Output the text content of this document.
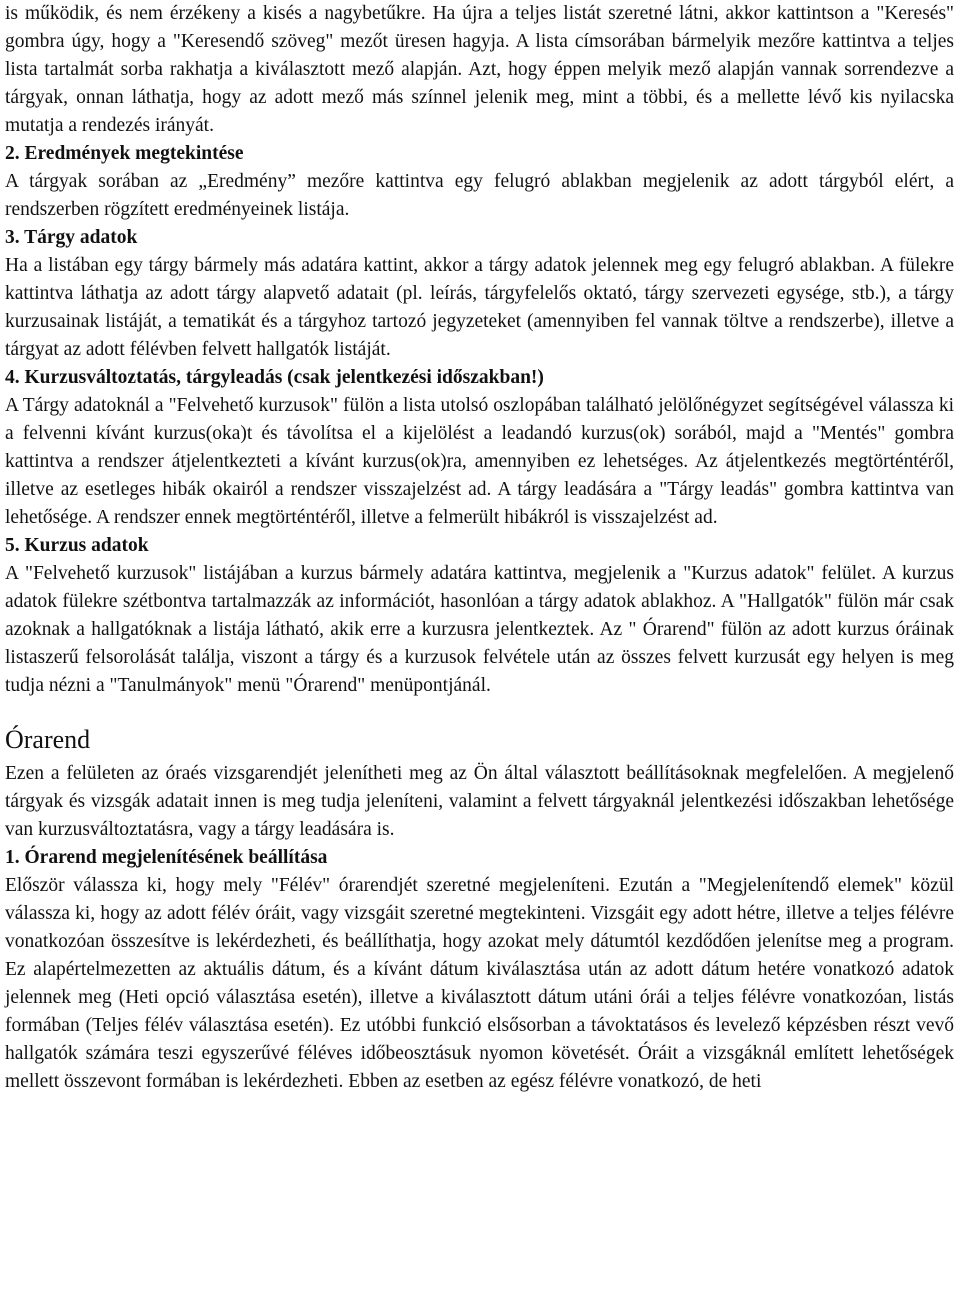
is működik, és nem érzékeny a kisés a nagybetűkre. Ha újra a teljes listát szeretné látni, akkor kattintson a "Keresés" gombra úgy, hogy a "Keresendő szöveg" mezőt üresen hagyja. A lista címsorában bármelyik mezőre kattintva a teljes lista tartalmát sorba rakhatja a kiválasztott mező alapján. Azt, hogy éppen melyik mező alapján vannak sorrendezve a tárgyak, onnan láthatja, hogy az adott mező más színnel jelenik meg, mint a többi, és a mellette lévő kis nyilacska mutatja a rendezés irányát.

2. Eredmények megtekintése

A tárgyak sorában az „Eredmény” mezőre kattintva egy felugró ablakban megjelenik az adott tárgyból elért, a rendszerben rögzített eredményeinek listája.

3. Tárgy adatok

Ha a listában egy tárgy bármely más adatára kattint, akkor a tárgy adatok jelennek meg egy felugró ablakban. A fülekre kattintva láthatja az adott tárgy alapvető adatait (pl. leírás, tárgyfelelős oktató, tárgy szervezeti egysége, stb.), a tárgy kurzusainak listáját, a tematikát és a tárgyhoz tartozó jegyzeteket (amennyiben fel vannak töltve a rendszerbe), illetve a tárgyat az adott félévben felvett hallgatók listáját.

4. Kurzusváltoztatás, tárgyleadás (csak jelentkezési időszakban!)

A Tárgy adatoknál a "Felvehető kurzusok" fülön a lista utolsó oszlopában található jelölőnégyzet segítségével válassza ki a felvenni kívánt kurzus(oka)t és távolítsa el a kijelölést a leadandó kurzus(ok) sorából, majd a "Mentés" gombra kattintva a rendszer átjelentkezteti a kívánt kurzus(ok)ra, amennyiben ez lehetséges. Az átjelentkezés megtörténtéről, illetve az esetleges hibák okairól a rendszer visszajelzést ad. A tárgy leadására a "Tárgy leadás" gombra kattintva van lehetősége. A rendszer ennek megtörténtéről, illetve a felmerült hibákról is visszajelzést ad.

5. Kurzus adatok

A "Felvehető kurzusok" listájában a kurzus bármely adatára kattintva, megjelenik a "Kurzus adatok" felület. A kurzus adatok fülekre szétbontva tartalmazzák az információt, hasonlóan a tárgy adatok ablakhoz. A "Hallgatók" fülön már csak azoknak a hallgatóknak a listája látható, akik erre a kurzusra jelentkeztek. Az " Órarend" fülön az adott kurzus óráinak listaszerű felsorolását találja, viszont a tárgy és a kurzusok felvétele után az összes felvett kurzusát egy helyen is meg tudja nézni a "Tanulmányok" menü "Órarend" menüpontjánál.

Órarend

Ezen a felületen az óraés vizsgarendjét jelenítheti meg az Ön által választott beállításoknak megfelelően. A megjelenő tárgyak és vizsgák adatait innen is meg tudja jeleníteni, valamint a felvett tárgyaknál jelentkezési időszakban lehetősége van kurzusváltoztatásra, vagy a tárgy leadására is.

1. Órarend megjelenítésének beállítása

Először válassza ki, hogy mely "Félév" órarendjét szeretné megjeleníteni. Ezután a "Megjelenítendő elemek" közül válassza ki, hogy az adott félév óráit, vagy vizsgáit szeretné megtekinteni. Vizsgáit egy adott hétre, illetve a teljes félévre vonatkozóan összesítve is lekérdezheti, és beállíthatja, hogy azokat mely dátumtól kezdődően jelenítse meg a program. Ez alapértelmezetten az aktuális dátum, és a kívánt dátum kiválasztása után az adott dátum hetére vonatkozó adatok jelennek meg (Heti opció választása esetén), illetve a kiválasztott dátum utáni órái a teljes félévre vonatkozóan, listás formában (Teljes félév választása esetén). Ez utóbbi funkció elsősorban a távoktatásos és levelező képzésben részt vevő hallgatók számára teszi egyszerűvé féléves időbeosztásuk nyomon követését. Óráit a vizsgáknál említett lehetőségek mellett összevont formában is lekérdezheti. Ebben az esetben az egész félévre vonatkozó, de heti
